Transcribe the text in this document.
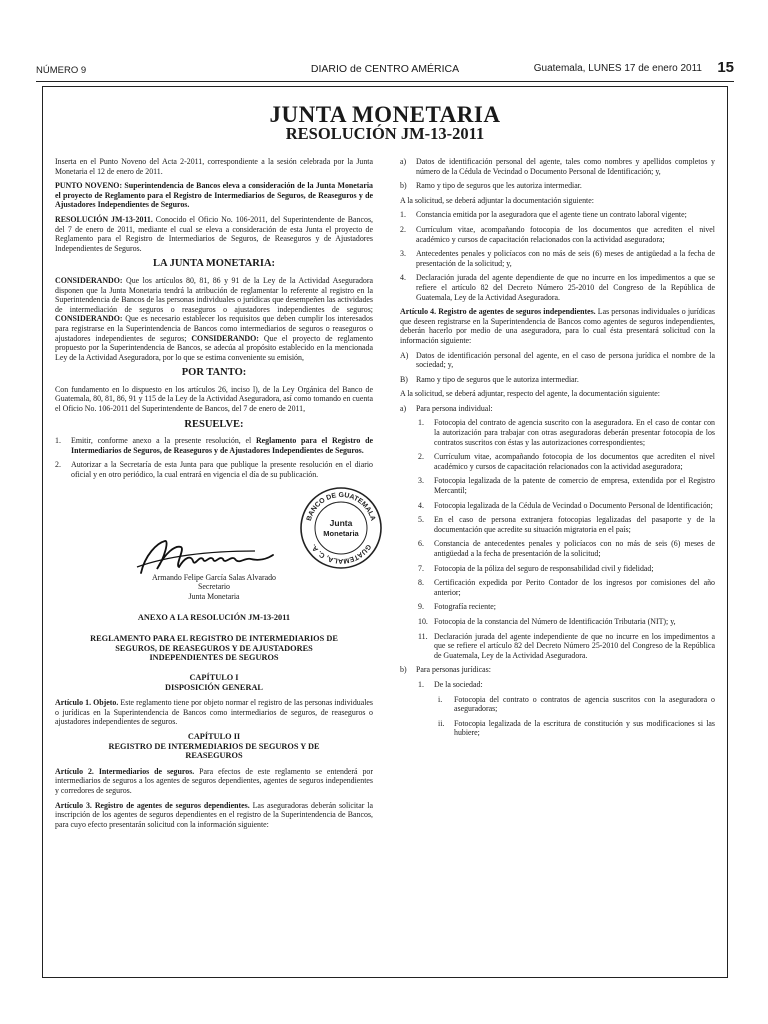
NÚMERO 9	DIARIO de CENTRO AMÉRICA	Guatemala, LUNES 17 de enero 2011 15
JUNTA MONETARIA
RESOLUCIÓN JM-13-2011

Inserta en el Punto Noveno del Acta 2-2011, correspondiente a la sesión celebrada por la Junta Monetaria el 12 de enero de 2011.

PUNTO NOVENO: Superintendencia de Bancos eleva a consideración de la Junta Monetaria el proyecto de Reglamento para el Registro de Intermediarios de Seguros, de Reaseguros y de Ajustadores Independientes de Seguros.

RESOLUCIÓN JM-13-2011. Conocido el Oficio No. 106-2011, del Superintendente de Bancos, del 7 de enero de 2011, mediante el cual se eleva a consideración de esta Junta el proyecto de Reglamento para el Registro de Intermediarios de Seguros, de Reaseguros y de Ajustadores Independientes de Seguros.

LA JUNTA MONETARIA:

CONSIDERANDO: Que los artículos 80, 81, 86 y 91 de la Ley de la Actividad Aseguradora disponen que la Junta Monetaria tendrá la atribución de reglamentar lo referente al registro en la Superintendencia de Bancos de las personas individuales o jurídicas que desempeñen las actividades de intermediación de seguros o reaseguros o ajustadores independientes de seguros; CONSIDERANDO: Que es necesario establecer los requisitos que deben cumplir los interesados para registrarse en la Superintendencia de Bancos como intermediarios de seguros o reaseguros o ajustadores independientes de seguros; CONSIDERANDO: Que el proyecto de reglamento propuesto por la Superintendencia de Bancos, se adecúa al propósito establecido en la mencionada Ley de la Actividad Aseguradora, por lo que se estima conveniente su emisión,

POR TANTO:

Con fundamento en lo dispuesto en los artículos 26, inciso l), de la Ley Orgánica del Banco de Guatemala, 80, 81, 86, 91 y 115 de la Ley de la Actividad Aseguradora, así como tomando en cuenta el Oficio No. 106-2011 del Superintendente de Bancos, del 7 de enero de 2011,

RESUELVE:
1.	Emitir, conforme anexo a la presente resolución, el Reglamento para el Registro de Intermediarios de Seguros, de Reaseguros y de Ajustadores Independientes de Seguros.
2.	Autorizar a la Secretaría de esta Junta para que publique la presente resolución en el diario oficial y en otro periódico, la cual entrará en vigencia el día de su publicación.
BANCO DE GUATEMALA
GUATEMALA, C. A.
Junta
Monetaria
Armando Felipe García Salas Alvarado
Secretario
Junta Monetaria
ANEXO A LA RESOLUCIÓN JM-13-2011
REGLAMENTO PARA EL REGISTRO DE INTERMEDIARIOS DE SEGUROS, DE REASEGUROS Y DE AJUSTADORES INDEPENDIENTES DE SEGUROS
CAPÍTULO I
DISPOSICIÓN GENERAL

Artículo 1. Objeto. Este reglamento tiene por objeto normar el registro de las personas individuales o jurídicas en la Superintendencia de Bancos como intermediarios de seguros, de reaseguros o ajustadores independientes de seguros.

CAPÍTULO II
REGISTRO DE INTERMEDIARIOS DE SEGUROS Y DE REASEGUROS

Artículo 2. Intermediarios de seguros. Para efectos de este reglamento se entenderá por intermediarios de seguros a los agentes de seguros dependientes, agentes de seguros independientes y corredores de seguros.

Artículo 3. Registro de agentes de seguros dependientes. Las aseguradoras deberán solicitar la inscripción de los agentes de seguros dependientes en el registro de la Superintendencia de Bancos, para cuyo efecto presentarán solicitud con la información siguiente:

a)	Datos de identificación personal del agente, tales como nombres y apellidos completos y número de la Cédula de Vecindad o Documento Personal de Identificación; y,
b)	Ramo y tipo de seguros que les autoriza intermediar.

A la solicitud, se deberá adjuntar la documentación siguiente:

1.	Constancia emitida por la aseguradora que el agente tiene un contrato laboral vigente;
2.	Currículum vitae, acompañando fotocopia de los documentos que acrediten el nivel académico y cursos de capacitación relacionados con la actividad aseguradora;
3.	Antecedentes penales y policíacos con no más de seis (6) meses de antigüedad a la fecha de presentación de la solicitud; y,
4.	Declaración jurada del agente dependiente de que no incurre en los impedimentos a que se refiere el artículo 82 del Decreto Número 25-2010 del Congreso de la República de Guatemala, Ley de la Actividad Aseguradora.

Artículo 4. Registro de agentes de seguros independientes. Las personas individuales o jurídicas que deseen registrarse en la Superintendencia de Bancos como agentes de seguros independientes, deberán hacerlo por medio de una aseguradora, para lo cual ésta presentará solicitud con la información siguiente:

A) Datos de identificación personal del agente, en el caso de persona jurídica el nombre de la sociedad; y,
B)	Ramo y tipo de seguros que le autoriza intermediar.

A la solicitud, se deberá adjuntar, respecto del agente, la documentación siguiente:

a)	Para persona individual:
1.	Fotocopia del contrato de agencia suscrito con la aseguradora. En el caso de contar con la autorización para trabajar con otras aseguradoras deberán presentar fotocopia de los contratos suscritos con éstas y las autorizaciones correspondientes;
2.	Currículum vitae, acompañando fotocopia de los documentos que acrediten el nivel académico y cursos de capacitación relacionados con la actividad aseguradora;
3.	Fotocopia legalizada de la patente de comercio de empresa, extendida por el Registro Mercantil;
4.	Fotocopia legalizada de la Cédula de Vecindad o Documento Personal de Identificación;
5.	En el caso de persona extranjera fotocopias legalizadas del pasaporte y de la documentación que acredite su situación migratoria en el país;
6.	Constancia de antecedentes penales y policíacos con no más de seis (6) meses de antigüedad a la fecha de presentación de la solicitud;
7.	Fotocopia de la póliza del seguro de responsabilidad civil y fidelidad;
8.	Certificación expedida por Perito Contador de los ingresos por comisiones del año anterior;
9.	Fotografía reciente;
10. Fotocopia de la constancia del Número de Identificación Tributaria (NIT); y,
11. Declaración jurada del agente independiente de que no incurre en los impedimentos a que se refiere el artículo 82 del Decreto Número 25-2010 del Congreso de la República de Guatemala, Ley de la Actividad Aseguradora.
b)	Para personas jurídicas:
1.	De la sociedad:
i.	Fotocopia del contrato o contratos de agencia suscritos con la aseguradora o aseguradoras;
ii.	Fotocopia legalizada de la escritura de constitución y sus modificaciones si las hubiere;
